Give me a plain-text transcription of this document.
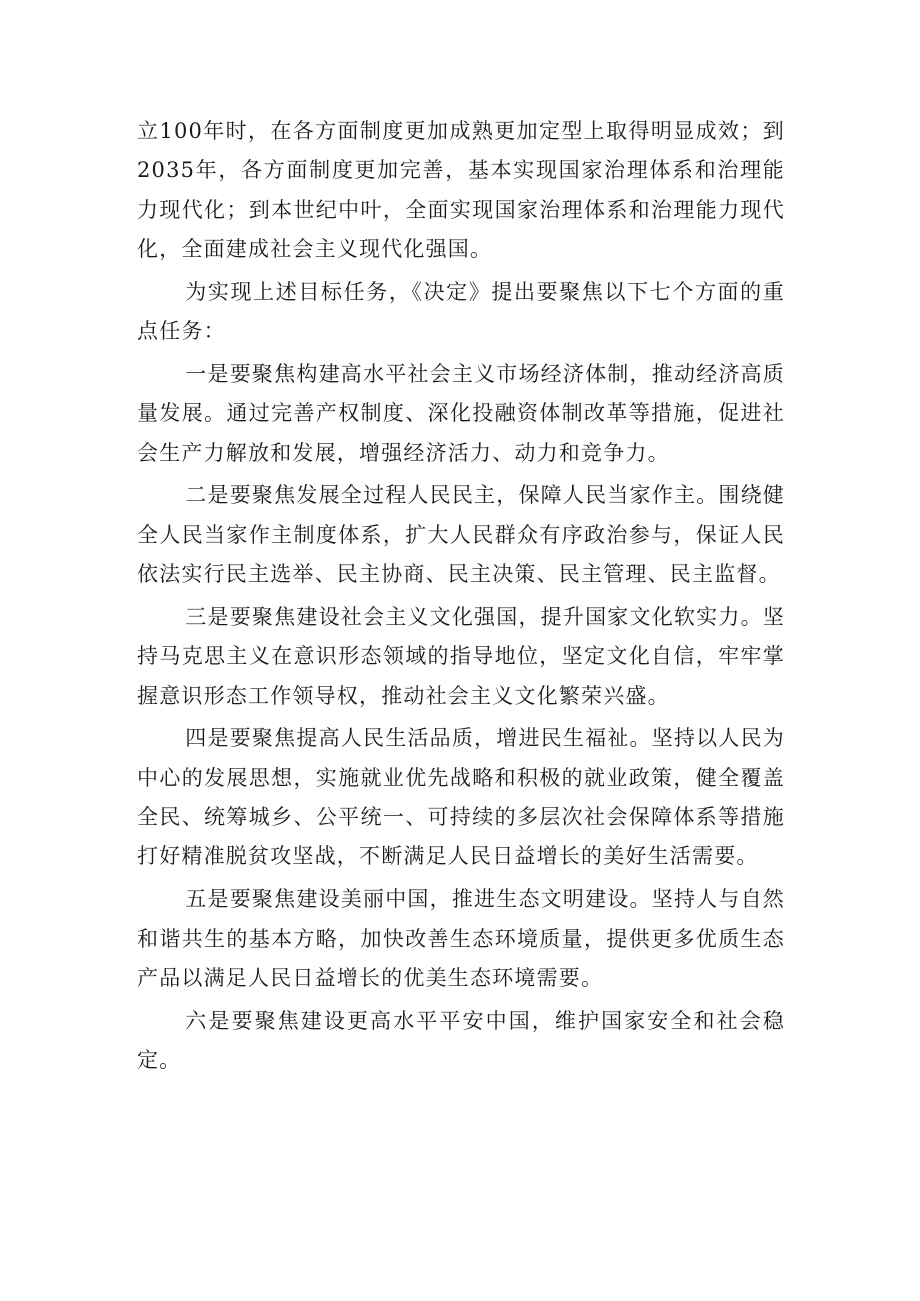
立100年时，在各方面制度更加成熟更加定型上取得明显成效；到2035年，各方面制度更加完善，基本实现国家治理体系和治理能力现代化；到本世纪中叶，全面实现国家治理体系和治理能力现代化，全面建成社会主义现代化强国。

为实现上述目标任务，《决定》提出要聚焦以下七个方面的重点任务：

一是要聚焦构建高水平社会主义市场经济体制，推动经济高质量发展。通过完善产权制度、深化投融资体制改革等措施，促进社会生产力解放和发展，增强经济活力、动力和竞争力。

二是要聚焦发展全过程人民民主，保障人民当家作主。围绕健全人民当家作主制度体系，扩大人民群众有序政治参与，保证人民依法实行民主选举、民主协商、民主决策、民主管理、民主监督。

三是要聚焦建设社会主义文化强国，提升国家文化软实力。坚持马克思主义在意识形态领域的指导地位，坚定文化自信，牢牢掌握意识形态工作领导权，推动社会主义文化繁荣兴盛。

四是要聚焦提高人民生活品质，增进民生福祉。坚持以人民为中心的发展思想，实施就业优先战略和积极的就业政策，健全覆盖全民、统筹城乡、公平统一、可持续的多层次社会保障体系等措施打好精准脱贫攻坚战，不断满足人民日益增长的美好生活需要。

五是要聚焦建设美丽中国，推进生态文明建设。坚持人与自然和谐共生的基本方略，加快改善生态环境质量，提供更多优质生态产品以满足人民日益增长的优美生态环境需要。

六是要聚焦建设更高水平平安中国，维护国家安全和社会稳定。
